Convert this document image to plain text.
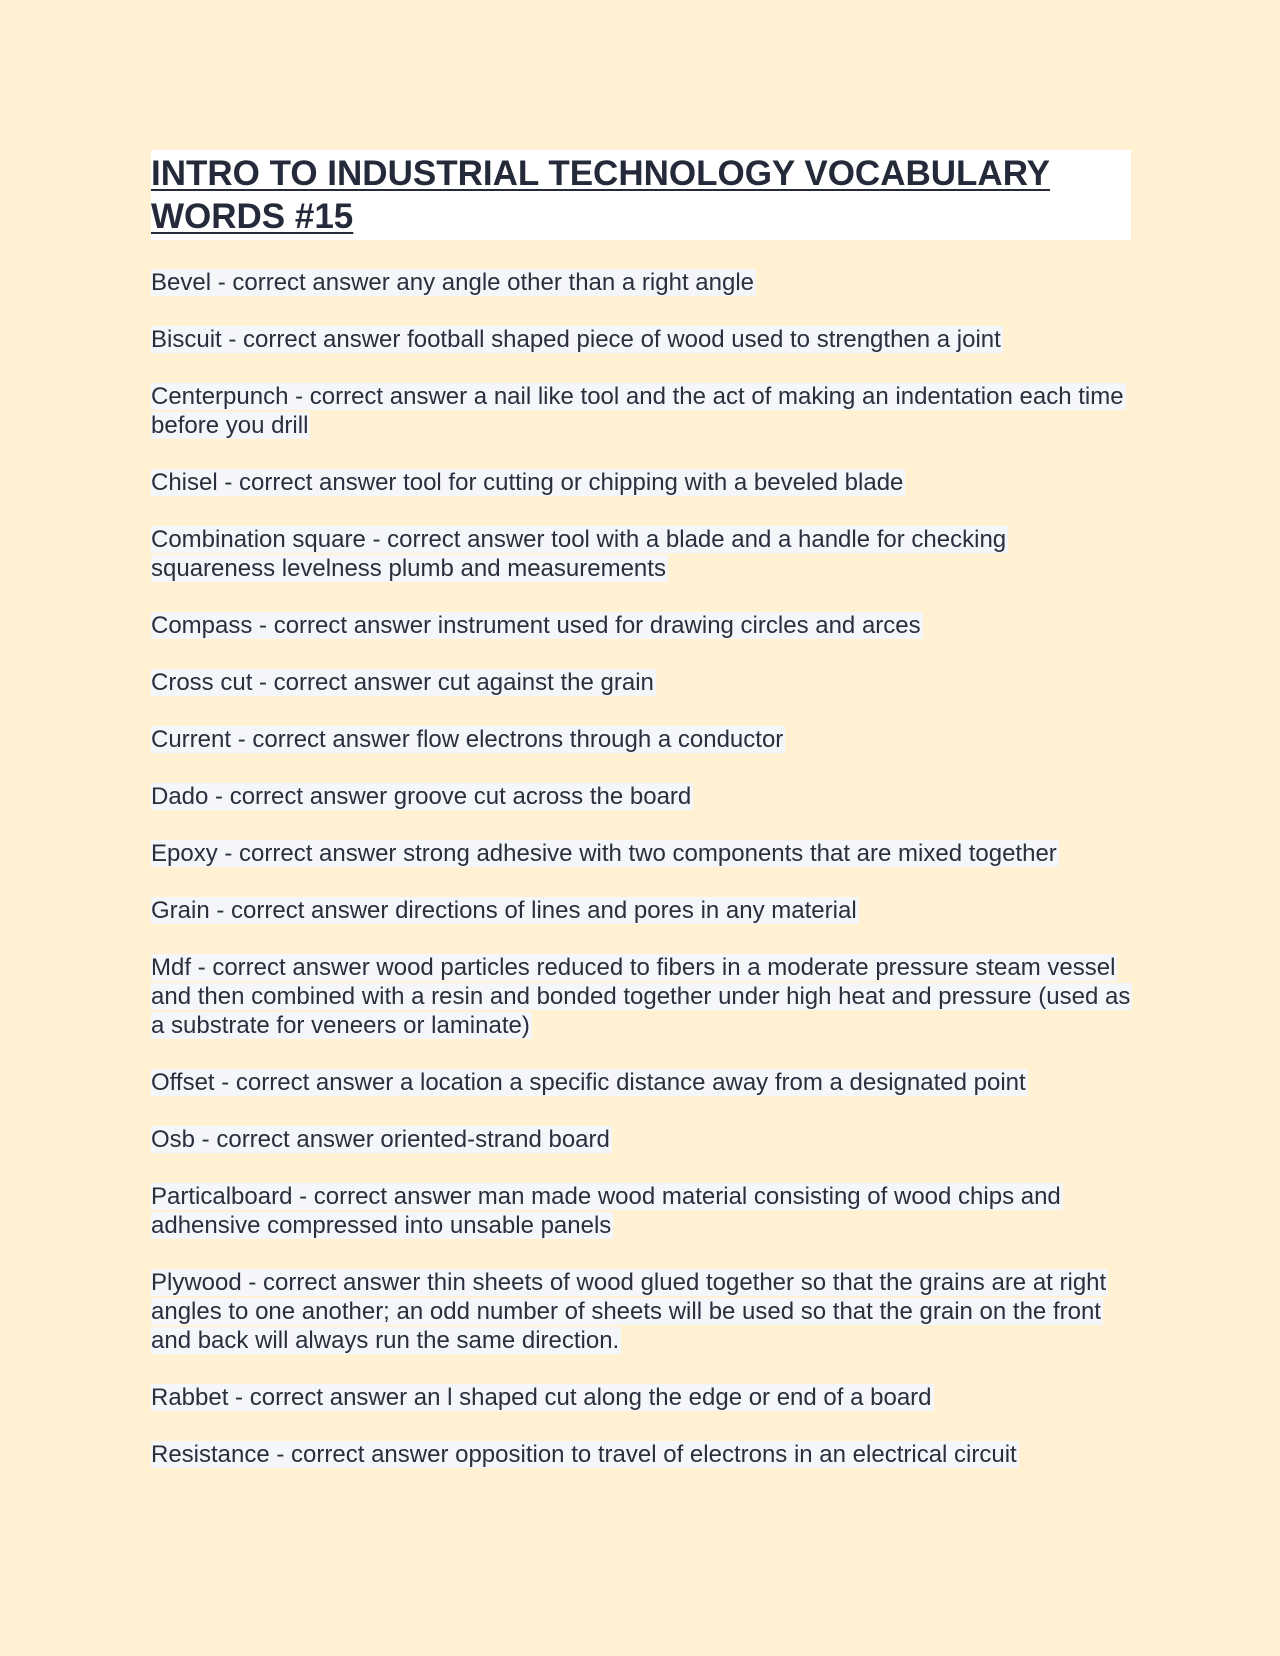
INTRO TO INDUSTRIAL TECHNOLOGY VOCABULARY WORDS #15
Bevel - correct answer any angle other than a right angle
Biscuit - correct answer football shaped piece of wood used to strengthen a joint
Centerpunch - correct answer a nail like tool and the act of making an indentation each time before you drill
Chisel - correct answer tool for cutting or chipping with a beveled blade
Combination square - correct answer tool with a blade and a handle for checking squareness levelness plumb and measurements
Compass - correct answer instrument used for drawing circles and arces
Cross cut - correct answer cut against the grain
Current - correct answer flow electrons through a conductor
Dado - correct answer groove cut across the board
Epoxy - correct answer strong adhesive with two components that are mixed together
Grain - correct answer directions of lines and pores in any material
Mdf - correct answer wood particles reduced to fibers in a moderate pressure steam vessel and then combined with a resin and bonded together under high heat and pressure (used as a substrate for veneers or laminate)
Offset - correct answer a location a specific distance away from a designated point
Osb - correct answer oriented-strand board
Particalboard - correct answer man made wood material consisting of wood chips and adhensive compressed into unsable panels
Plywood - correct answer thin sheets of wood glued together so that the grains are at right angles to one another; an odd number of sheets will be used so that the grain on the front and back will always run the same direction.
Rabbet - correct answer an l shaped cut along the edge or end of a board
Resistance - correct answer opposition to travel of electrons in an electrical circuit
